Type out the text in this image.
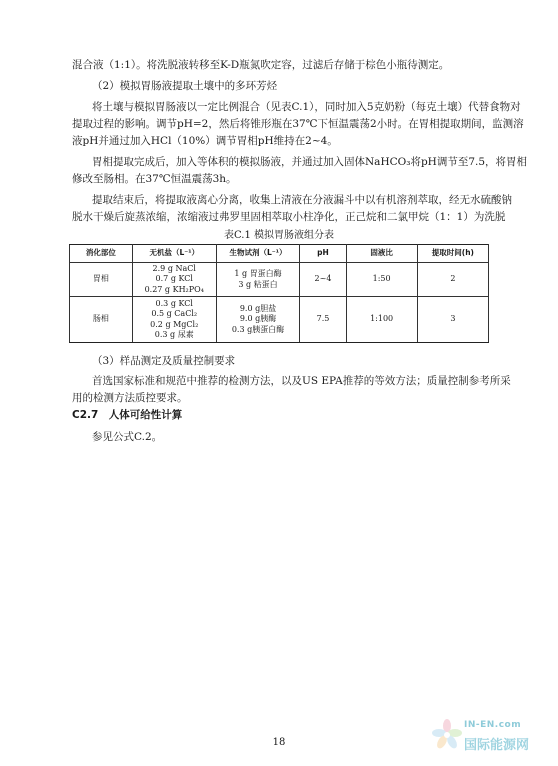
混合液（1:1）。将洗脱液转移至K-D瓶氮吹定容，过滤后存储于棕色小瓶待测定。
（2）模拟胃肠液提取土壤中的多环芳烃
将土壤与模拟胃肠液以一定比例混合（见表C.1），同时加入5克奶粉（每克土壤）代替食物对
提取过程的影响。调节pH=2，然后将锥形瓶在37℃下恒温震荡2小时。在胃相提取期间，监测溶
液pH并通过加入HCl（10%）调节胃相pH维持在2~4。
胃相提取完成后，加入等体积的模拟肠液，并通过加入固体NaHCO₃将pH调节至7.5，将胃相
修改至肠相。在37℃恒温震荡3h。
提取结束后，将提取液离心分离，收集上清液在分液漏斗中以有机溶剂萃取，经无水硫酸钠
脱水干燥后旋蒸浓缩，浓缩液过弗罗里固相萃取小柱净化，正己烷和二氯甲烷（1：1）为洗脱
表C.1 模拟胃肠液组分表
消化部位	无机盐（L⁻¹）	生物试剂（L⁻¹）	pH	固液比	提取时间(h)
胃相	2.9 g NaCl
0.7 g KCl
0.27 g KH₂PO₄	1 g 胃蛋白酶
3 g 粘蛋白	2~4	1:50	2
肠相	0.3 g KCl
0.5 g CaCl₂
0.2 g MgCl₂
0.3 g 尿素	9.0 g胆盐
9.0 g胰酶
0.3 g胰蛋白酶	7.5	1:100	3
（3）样品测定及质量控制要求
首选国家标准和规范中推荐的检测方法，以及US EPA推荐的等效方法；质量控制参考所采
用的检测方法质控要求。
C2.7　人体可给性计算
参见公式C.2。
18
IN-EN.com
国际能源网
